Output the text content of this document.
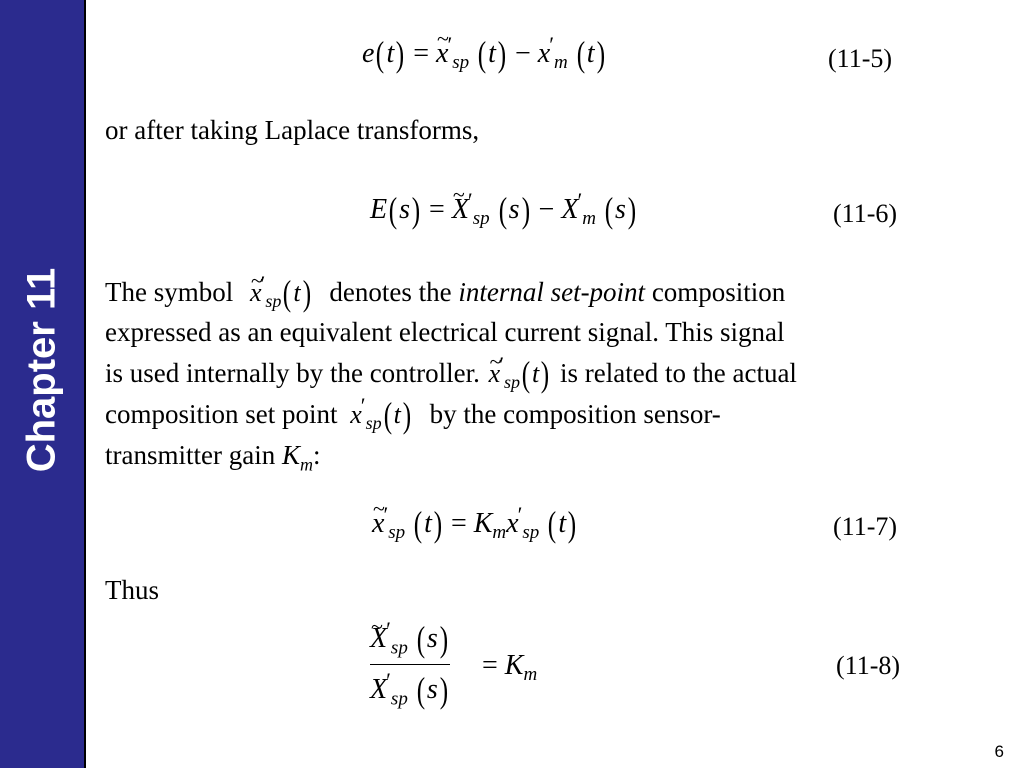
Chapter 11
e(t) = ~ $x'_{sp}$ $(t) - x'_m$ (t)	(11-5)
or after taking Laplace transforms,
E(s) = ~ $X'_{sp}$ $(s) - X'_m$ (s)	(11-6)
The symbol ~ $x'_{sp}(t)$ denotes the internal set-point composition
expressed as an equivalent electrical current signal. This signal
is used internally by the controller. ~ $x'_{sp}(t)$ is related to the actual
composition set point $x'_{sp}(t)$ by the composition sensor-
transmitter gain $K_m$:
~ $x'_{sp}$ $(t) = K_mx'_{sp}$ (t)	(11-7)
Thus
~ $X'_{sp}$ (s)
$X'_{sp}$ (s)
= $K_m$	(11-8)
6
